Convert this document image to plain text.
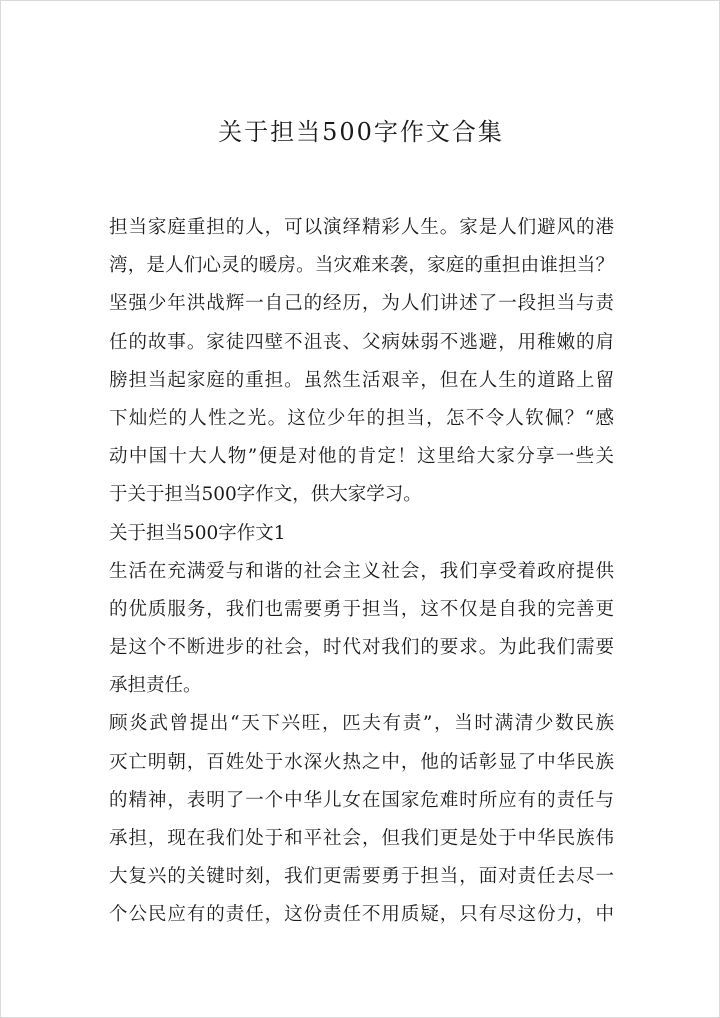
关于担当500字作文合集
担当家庭重担的人，可以演绎精彩人生。家是人们避风的港
湾，是人们心灵的暖房。当灾难来袭，家庭的重担由谁担当？
坚强少年洪战辉一自己的经历，为人们讲述了一段担当与责
任的故事。家徒四壁不沮丧、父病妹弱不逃避，用稚嫩的肩
膀担当起家庭的重担。虽然生活艰辛，但在人生的道路上留
下灿烂的人性之光。这位少年的担当，怎不令人钦佩？“感
动中国十大人物”便是对他的肯定！这里给大家分享一些关
于关于担当500字作文，供大家学习。
关于担当500字作文1
生活在充满爱与和谐的社会主义社会，我们享受着政府提供
的优质服务，我们也需要勇于担当，这不仅是自我的完善更
是这个不断进步的社会，时代对我们的要求。为此我们需要
承担责任。
顾炎武曾提出“天下兴旺，匹夫有责”，当时满清少数民族
灭亡明朝，百姓处于水深火热之中，他的话彰显了中华民族
的精神，表明了一个中华儿女在国家危难时所应有的责任与
承担，现在我们处于和平社会，但我们更是处于中华民族伟
大复兴的关键时刻，我们更需要勇于担当，面对责任去尽一
个公民应有的责任，这份责任不用质疑，只有尽这份力，中
